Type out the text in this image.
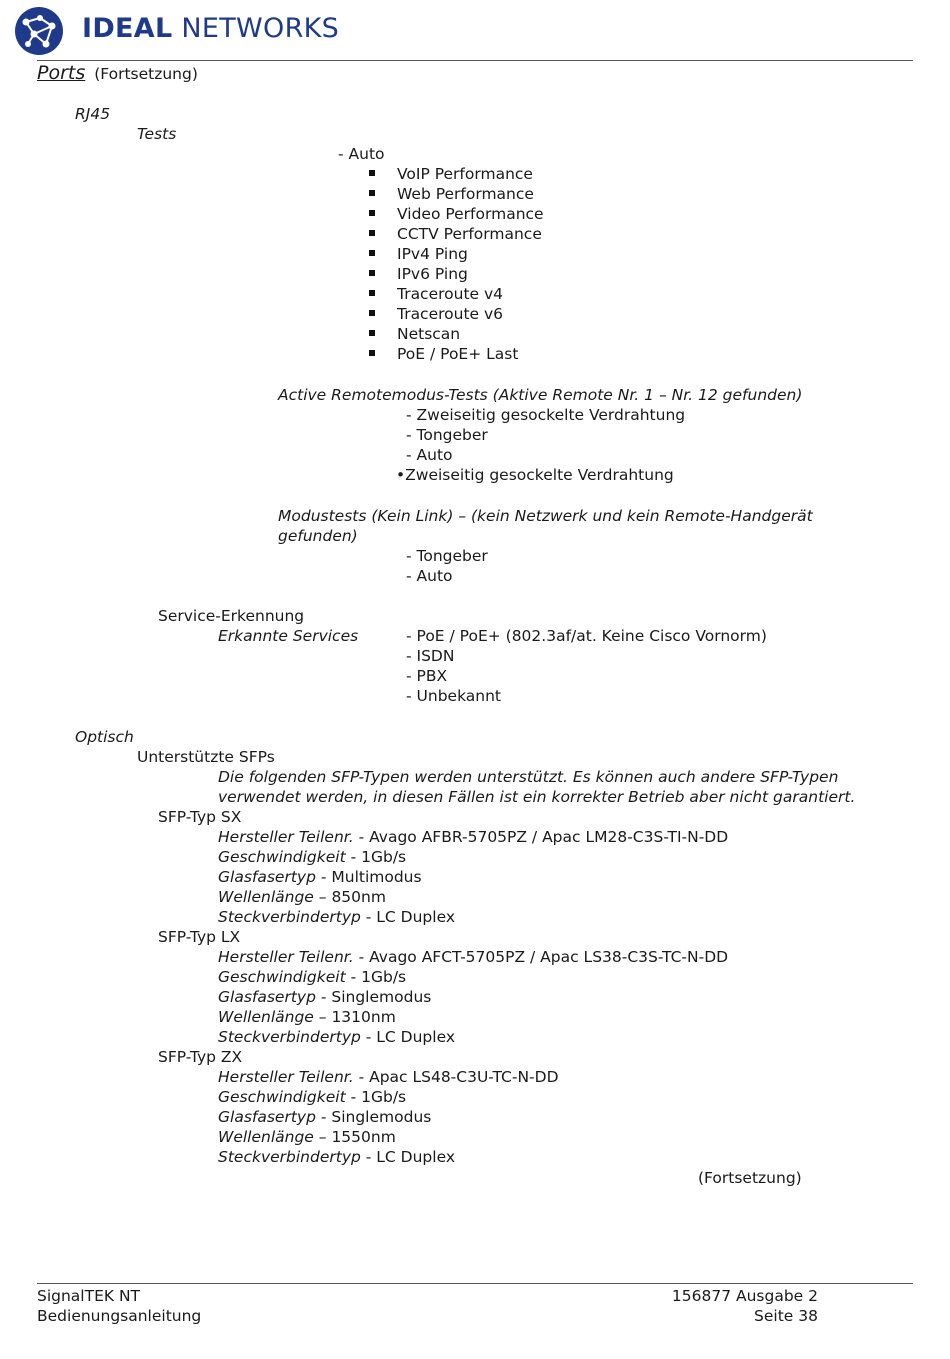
IDEAL NETWORKS
Ports (Fortsetzung)
RJ45
Tests
- Auto
VoIP Performance
Web Performance
Video Performance
CCTV Performance
IPv4 Ping
IPv6 Ping
Traceroute v4
Traceroute v6
Netscan
PoE / PoE+ Last
Active Remotemodus-Tests (Aktive Remote Nr. 1 – Nr. 12 gefunden)
- Zweiseitig gesockelte Verdrahtung
- Tongeber
- Auto
•Zweiseitig gesockelte Verdrahtung
Modustests (Kein Link) – (kein Netzwerk und kein Remote-Handgerät
gefunden)
- Tongeber
- Auto
Service-Erkennung
Erkannte Services	- PoE / PoE+ (802.3af/at. Keine Cisco Vornorm)
- ISDN
- PBX
- Unbekannt
Optisch
Unterstützte SFPs
Die folgenden SFP-Typen werden unterstützt. Es können auch andere SFP-Typen
verwendet werden, in diesen Fällen ist ein korrekter Betrieb aber nicht garantiert.
SFP-Typ SX
Hersteller Teilenr. - Avago AFBR-5705PZ / Apac LM28-C3S-TI-N-DD
Geschwindigkeit - 1Gb/s
Glasfasertyp - Multimodus
Wellenlänge – 850nm
Steckverbindertyp - LC Duplex
SFP-Typ LX
Hersteller Teilenr. - Avago AFCT-5705PZ / Apac LS38-C3S-TC-N-DD
Geschwindigkeit - 1Gb/s
Glasfasertyp - Singlemodus
Wellenlänge – 1310nm
Steckverbindertyp - LC Duplex
SFP-Typ ZX
Hersteller Teilenr. - Apac LS48-C3U-TC-N-DD
Geschwindigkeit - 1Gb/s
Glasfasertyp - Singlemodus
Wellenlänge – 1550nm
Steckverbindertyp - LC Duplex
(Fortsetzung)
SignalTEK NT
Bedienungsanleitung
156877 Ausgabe 2
Seite 38
